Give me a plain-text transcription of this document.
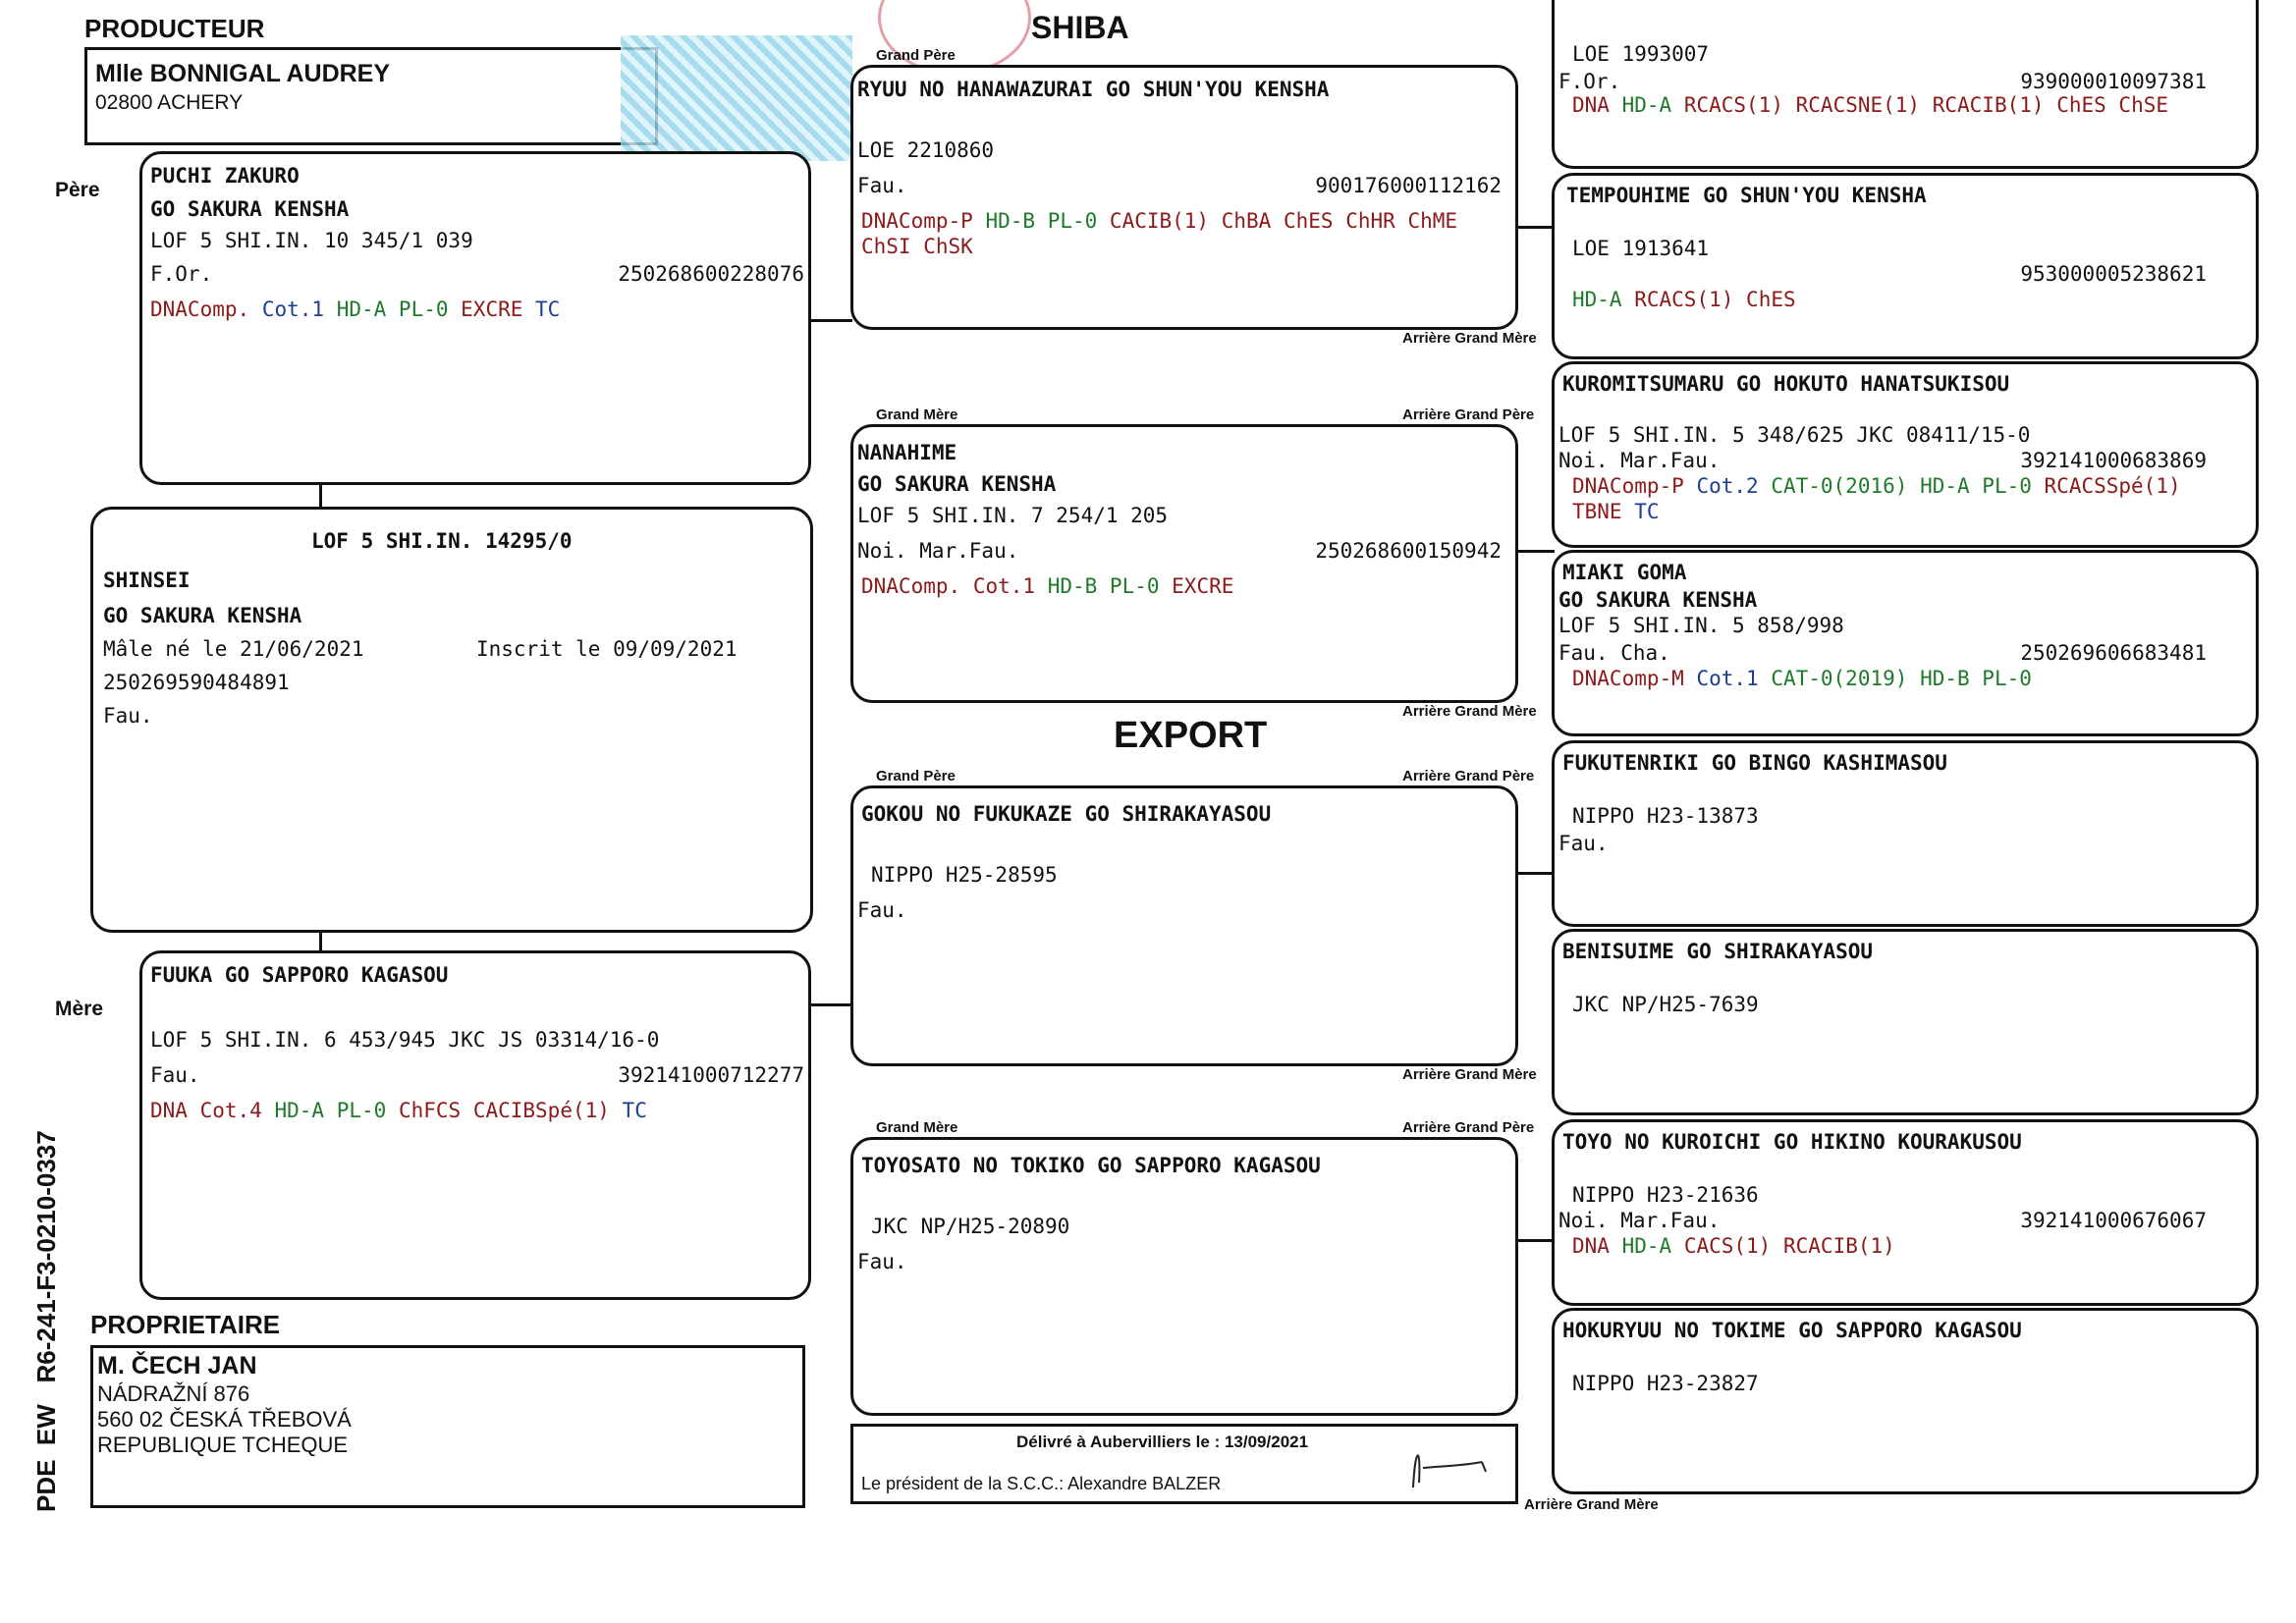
PRODUCTEUR
Mlle BONNIGAL AUDREY
02800 ACHERY
SHIBA
Père
Mère
PDE  EW   R6-241-F3-0210-0337
PUCHI ZAKURO
GO SAKURA KENSHA
LOF 5 SHI.IN. 10 345/1 039
F.Or.	250268600228076
DNAComp. Cot.1 HD-A PL-0 EXCRE TC
LOF 5 SHI.IN. 14295/0
SHINSEI
GO SAKURA KENSHA
Mâle né le 21/06/2021	Inscrit le 09/09/2021
250269590484891
Fau.
FUUKA GO SAPPORO KAGASOU
LOF 5 SHI.IN. 6 453/945 JKC JS 03314/16-0
Fau.	392141000712277
DNA Cot.4 HD-A PL-0 ChFCS CACIBSpé(1) TC
PROPRIETAIRE
M. ČECH JAN
NÁDRAŽNÍ 876
560 02 ČESKÁ TŘEBOVÁ
REPUBLIQUE TCHEQUE
Grand Père
RYUU NO HANAWAZURAI GO SHUN'YOU KENSHA
LOE 2210860
Fau.	900176000112162
DNAComp-P HD-B PL-0 CACIB(1) ChBA ChES ChHR ChME
ChSI ChSK
Arrière Grand Mère
Grand Mère	Arrière Grand Père
NANAHIME
GO SAKURA KENSHA
LOF 5 SHI.IN. 7 254/1 205
Noi. Mar.Fau.	250268600150942
DNAComp. Cot.1 HD-B PL-0 EXCRE
Arrière Grand Mère
EXPORT
Grand Père	Arrière Grand Père
GOKOU NO FUKUKAZE GO SHIRAKAYASOU
NIPPO H25-28595
Fau.
Arrière Grand Mère
Grand Mère	Arrière Grand Père
TOYOSATO NO TOKIKO GO SAPPORO KAGASOU
JKC NP/H25-20890
Fau.
Délivré à Aubervilliers le : 13/09/2021
Le président de la S.C.C.: Alexandre BALZER
LOE 1993007
F.Or.	939000010097381
DNA HD-A RCACS(1) RCACSNE(1) RCACIB(1) ChES ChSE
TEMPOUHIME GO SHUN'YOU KENSHA
LOE 1913641
953000005238621
HD-A RCACS(1) ChES
KUROMITSUMARU GO HOKUTO HANATSUKISOU
LOF 5 SHI.IN. 5 348/625 JKC 08411/15-0
Noi. Mar.Fau.	392141000683869
DNAComp-P Cot.2 CAT-0(2016) HD-A PL-0 RCACSSpé(1)
TBNE TC
MIAKI GOMA
GO SAKURA KENSHA
LOF 5 SHI.IN. 5 858/998
Fau. Cha.	250269606683481
DNAComp-M Cot.1 CAT-0(2019) HD-B PL-0
FUKUTENRIKI GO BINGO KASHIMASOU
NIPPO H23-13873
Fau.
BENISUIME GO SHIRAKAYASOU
JKC NP/H25-7639
TOYO NO KUROICHI GO HIKINO KOURAKUSOU
NIPPO H23-21636
Noi. Mar.Fau.	392141000676067
DNA HD-A CACS(1) RCACIB(1)
HOKURYUU NO TOKIME GO SAPPORO KAGASOU
NIPPO H23-23827
Arrière Grand Mère
